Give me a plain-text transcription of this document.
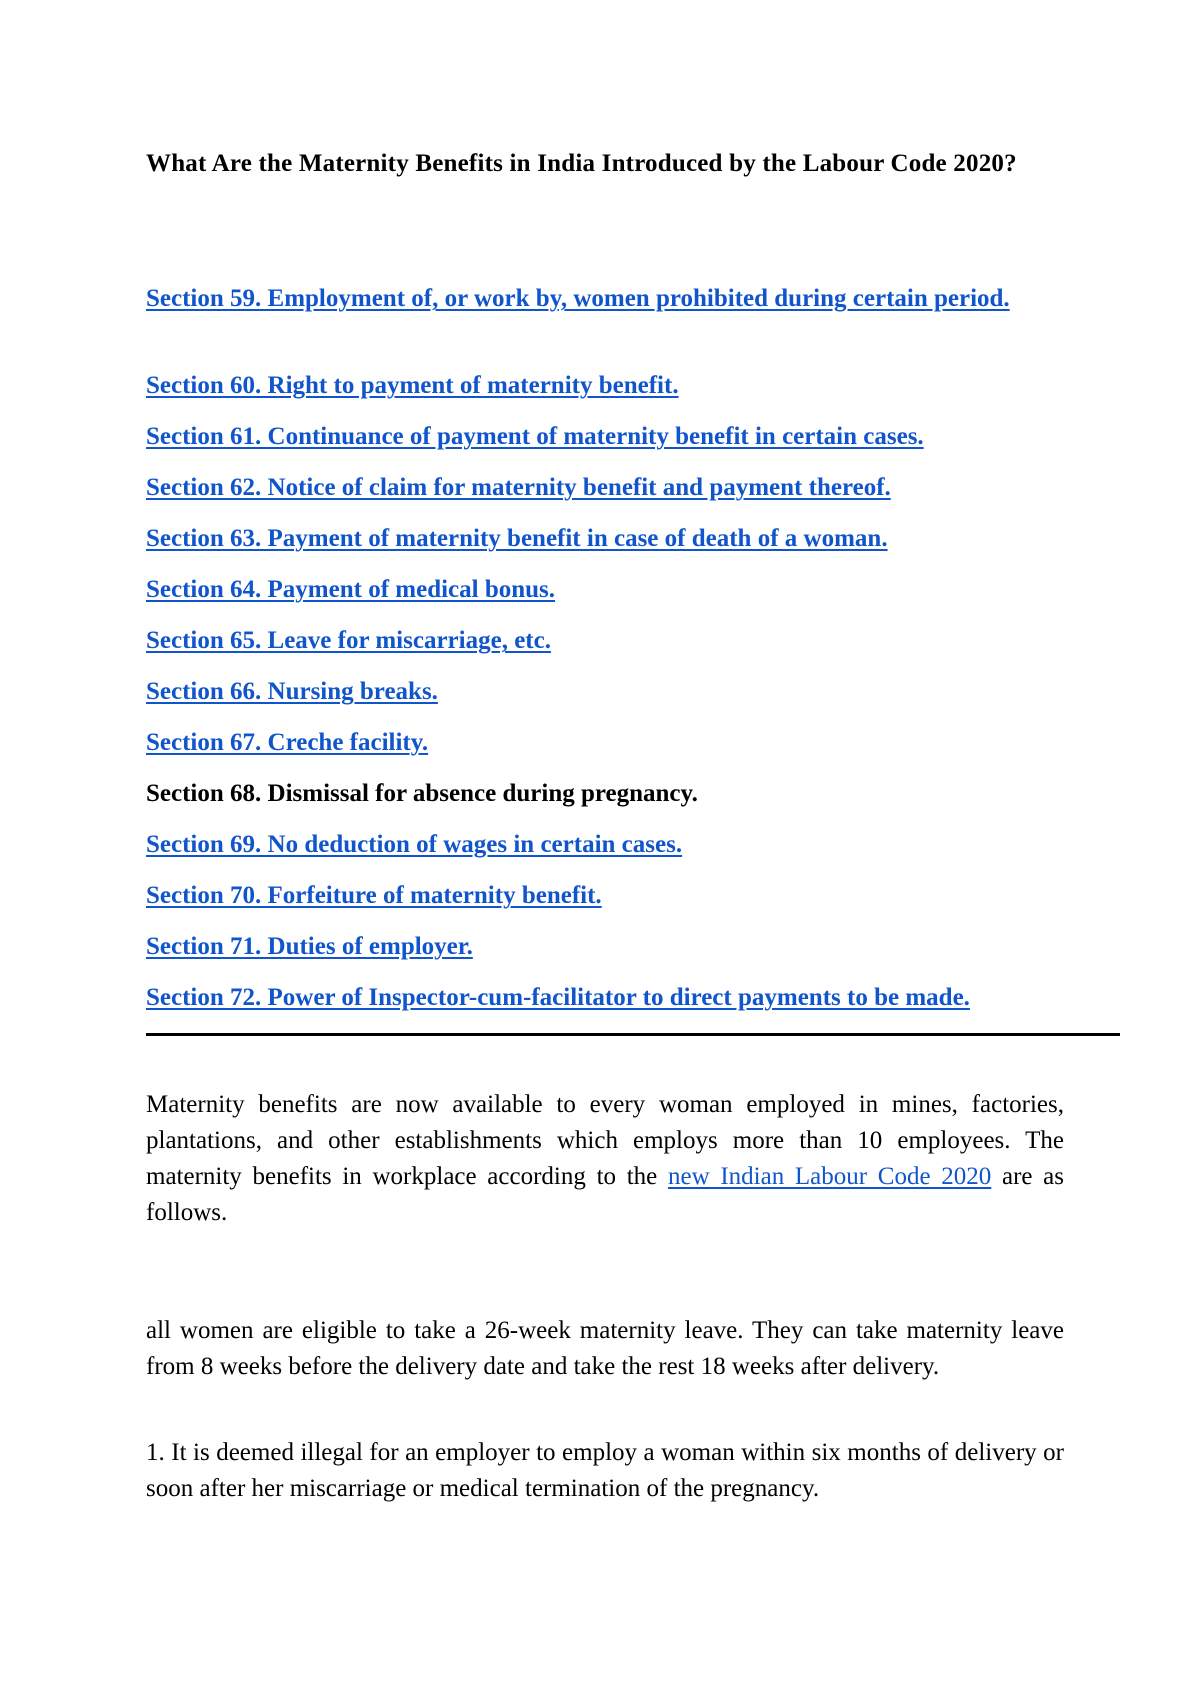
What Are the Maternity Benefits in India Introduced by the Labour Code 2020?
Section 59. Employment of, or work by, women prohibited during certain period.
Section 60. Right to payment of maternity benefit.
Section 61. Continuance of payment of maternity benefit in certain cases.
Section 62. Notice of claim for maternity benefit and payment thereof.
Section 63. Payment of maternity benefit in case of death of a woman.
Section 64. Payment of medical bonus.
Section 65. Leave for miscarriage, etc.
Section 66. Nursing breaks.
Section 67. Creche facility.
Section 68. Dismissal for absence during pregnancy.
Section 69. No deduction of wages in certain cases.
Section 70. Forfeiture of maternity benefit.
Section 71. Duties of employer.
Section 72. Power of Inspector-cum-facilitator to direct payments to be made.

Maternity benefits are now available to every woman employed in mines, factories, plantations, and other establishments which employs more than 10 employees. The maternity benefits in workplace according to the new Indian Labour Code 2020 are as follows.

all women are eligible to take a 26-week maternity leave. They can take maternity leave from 8 weeks before the delivery date and take the rest 18 weeks after delivery.

1. It is deemed illegal for an employer to employ a woman within six months of delivery or soon after her miscarriage or medical termination of the pregnancy.
